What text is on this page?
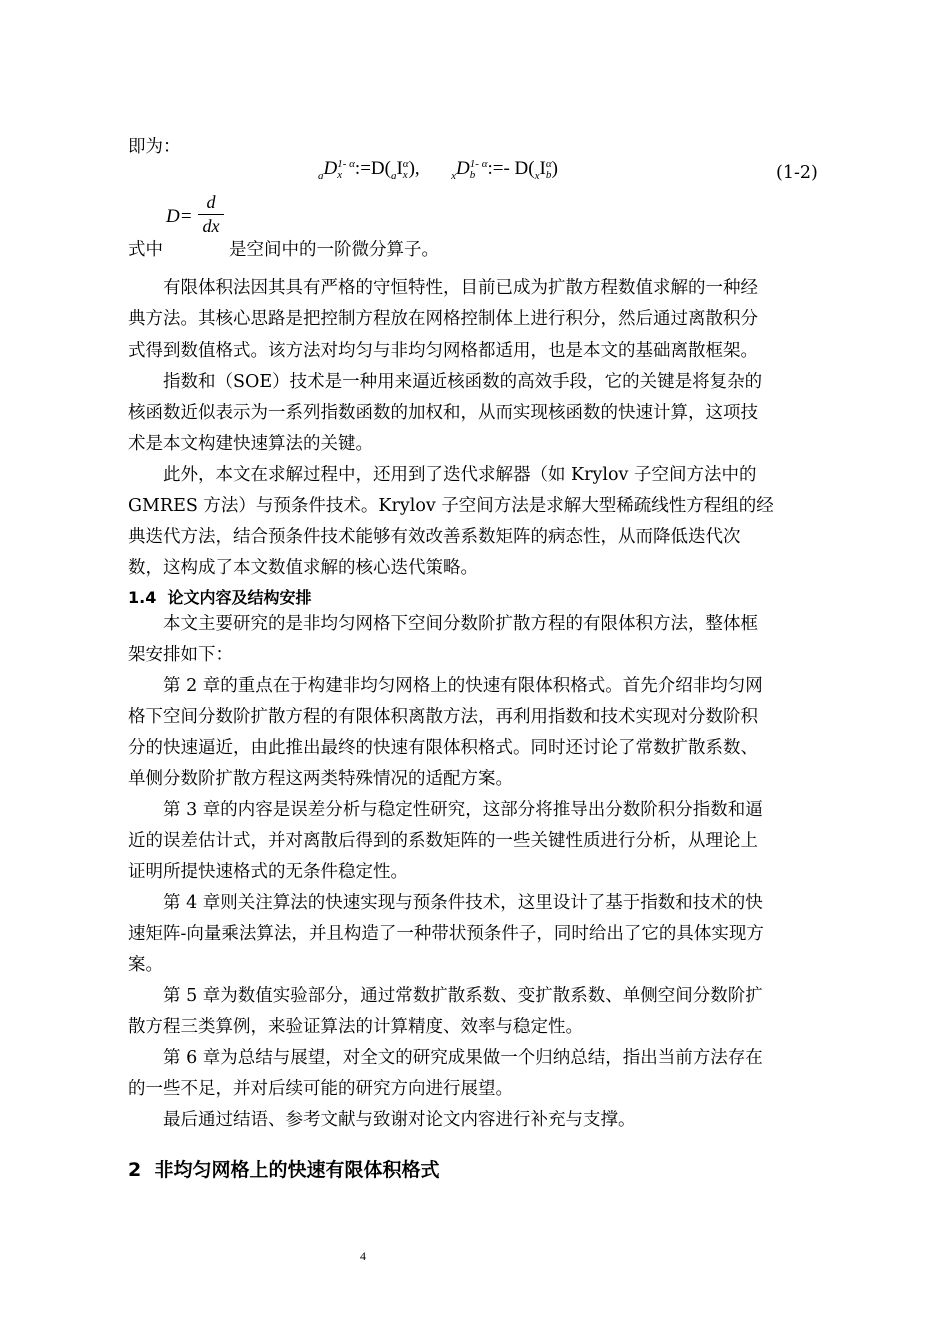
即为：
$_a$D 1- α
x $:=D(_aI$ α
x ),	$_x$D 1- α
b :=- $D(_xI$ α
b )	(1-2)
D=
d
dx
式中	是空间中的一阶微分算子。
有限体积法因其具有严格的守恒特性，目前已成为扩散方程数值求解的一种经
典方法。其核心思路是把控制方程放在网格控制体上进行积分，然后通过离散积分
式得到数值格式。该方法对均匀与非均匀网格都适用，也是本文的基础离散框架。
指数和（SOE）技术是一种用来逼近核函数的高效手段，它的关键是将复杂的
核函数近似表示为一系列指数函数的加权和，从而实现核函数的快速计算，这项技
术是本文构建快速算法的关键。
此外，本文在求解过程中，还用到了迭代求解器（如 Krylov 子空间方法中的
GMRES 方法）与预条件技术。Krylov 子空间方法是求解大型稀疏线性方程组的经
典迭代方法，结合预条件技术能够有效改善系数矩阵的病态性，从而降低迭代次
数，这构成了本文数值求解的核心迭代策略。
1.4 论文内容及结构安排
本文主要研究的是非均匀网格下空间分数阶扩散方程的有限体积方法，整体框
架安排如下：
第 2 章的重点在于构建非均匀网格上的快速有限体积格式。首先介绍非均匀网
格下空间分数阶扩散方程的有限体积离散方法，再利用指数和技术实现对分数阶积
分的快速逼近，由此推出最终的快速有限体积格式。同时还讨论了常数扩散系数、
单侧分数阶扩散方程这两类特殊情况的适配方案。
第 3 章的内容是误差分析与稳定性研究，这部分将推导出分数阶积分指数和逼
近的误差估计式，并对离散后得到的系数矩阵的一些关键性质进行分析，从理论上
证明所提快速格式的无条件稳定性。
第 4 章则关注算法的快速实现与预条件技术，这里设计了基于指数和技术的快
速矩阵-向量乘法算法，并且构造了一种带状预条件子，同时给出了它的具体实现方
案。
第 5 章为数值实验部分，通过常数扩散系数、变扩散系数、单侧空间分数阶扩
散方程三类算例，来验证算法的计算精度、效率与稳定性。
第 6 章为总结与展望，对全文的研究成果做一个归纳总结，指出当前方法存在
的一些不足，并对后续可能的研究方向进行展望。
最后通过结语、参考文献与致谢对论文内容进行补充与支撑。
2 非均匀网格上的快速有限体积格式
4
